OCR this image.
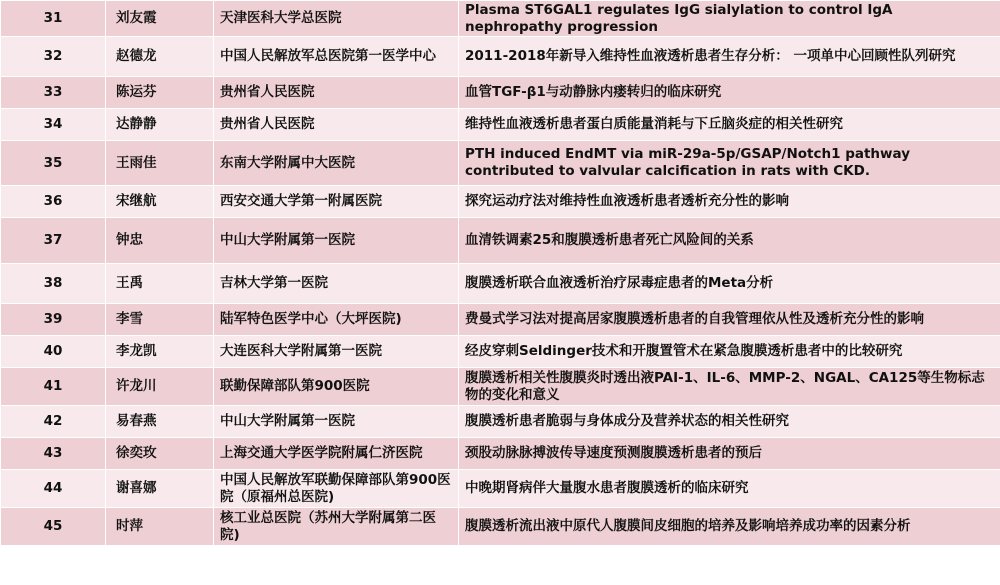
31	刘友霞	天津医科大学总医院	Plasma ST6GAL1 regulates IgG sialylation to control IgA nephropathy progression
32	赵德龙	中国人民解放军总医院第一医学中心	2011-2018年新导入维持性血液透析患者生存分析： 一项单中心回顾性队列研究
33	陈运芬	贵州省人民医院	血管TGF-β1与动静脉内瘘转归的临床研究
34	达静静	贵州省人民医院	维持性血液透析患者蛋白质能量消耗与下丘脑炎症的相关性研究
35	王雨佳	东南大学附属中大医院	PTH induced EndMT via miR-29a-5p/GSAP/Notch1 pathway contributed to valvular calcification in rats with CKD.
36	宋继航	西安交通大学第一附属医院	探究运动疗法对维持性血液透析患者透析充分性的影响
37	钟忠	中山大学附属第一医院	血清铁调素25和腹膜透析患者死亡风险间的关系
38	王禹	吉林大学第一医院	腹膜透析联合血液透析治疗尿毒症患者的Meta分析
39	李雪	陆军特色医学中心（大坪医院)	费曼式学习法对提高居家腹膜透析患者的自我管理依从性及透析充分性的影响
40	李龙凯	大连医科大学附属第一医院	经皮穿刺Seldinger技术和开腹置管术在紧急腹膜透析患者中的比较研究
41	许龙川	联勤保障部队第900医院	腹膜透析相关性腹膜炎时透出液PAI-1、IL-6、MMP-2、NGAL、CA125等生物标志物的变化和意义
42	易春燕	中山大学附属第一医院	腹膜透析患者脆弱与身体成分及营养状态的相关性研究
43	徐奕玫	上海交通大学医学院附属仁济医院	颈股动脉脉搏波传导速度预测腹膜透析患者的预后
44	谢喜娜	中国人民解放军联勤保障部队第900医院（原福州总医院)	中晚期肾病伴大量腹水患者腹膜透析的临床研究
45	时萍	核工业总医院（苏州大学附属第二医院)	腹膜透析流出液中原代人腹膜间皮细胞的培养及影响培养成功率的因素分析
